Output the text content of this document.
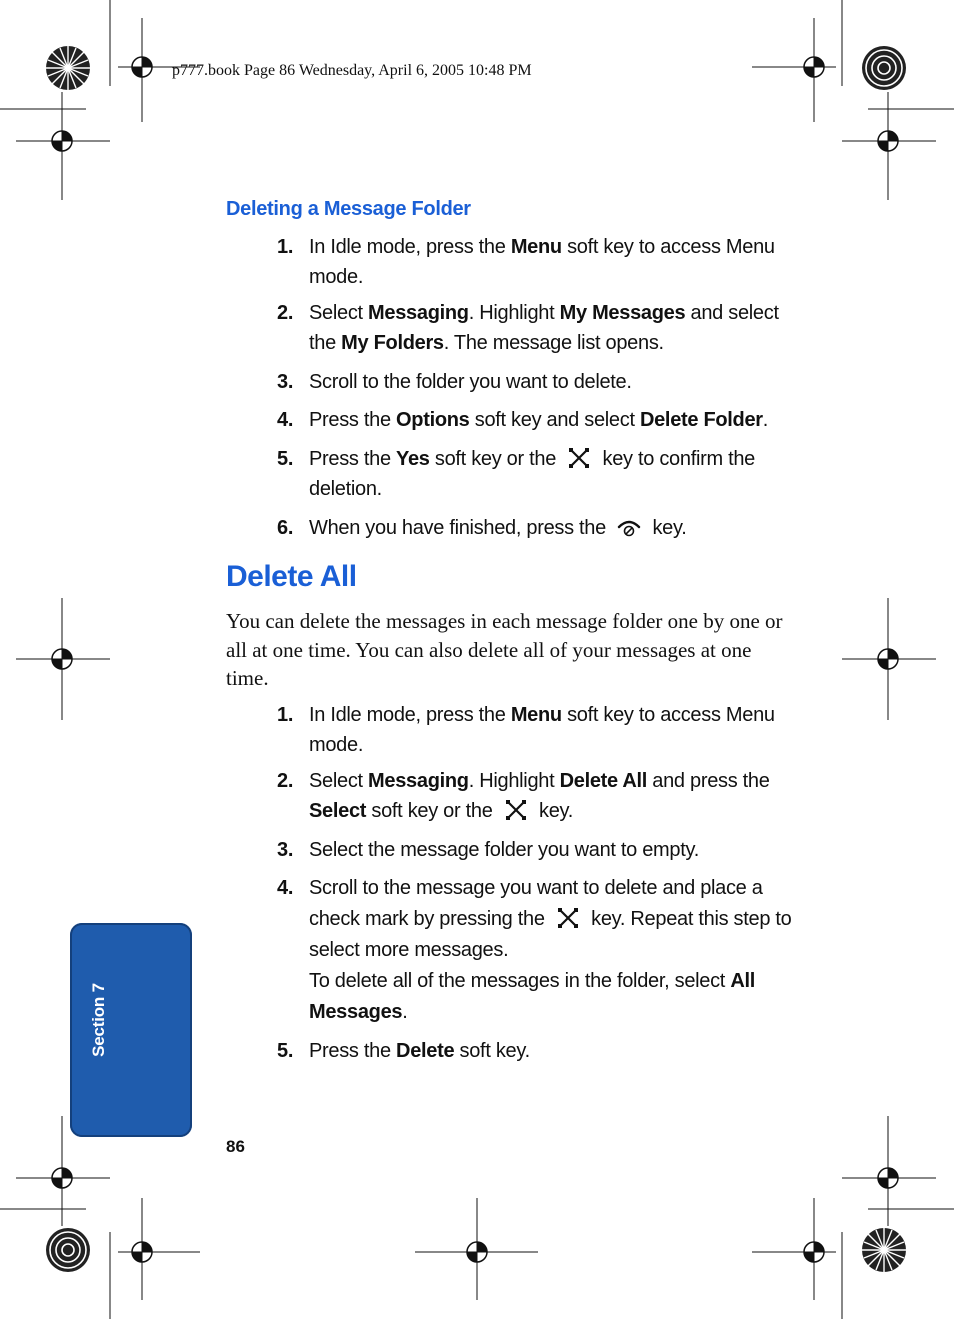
p777.book Page 86 Wednesday, April 6, 2005 10:48 PM
Deleting a Message Folder
1. In Idle mode, press the Menu soft key to access Menu mode.
2. Select Messaging. Highlight My Messages and select the My Folders. The message list opens.
3. Scroll to the folder you want to delete.
4. Press the Options soft key and select Delete Folder.
5. Press the Yes soft key or the  key to confirm the deletion.
6. When you have finished, press the  key.
Delete All
You can delete the messages in each message folder one by one or all at one time. You can also delete all of your messages at one time.
1. In Idle mode, press the Menu soft key to access Menu mode.
2. Select Messaging. Highlight Delete All and press the Select soft key or the  key.
3. Select the message folder you want to empty.
4. Scroll to the message you want to delete and place a check mark by pressing the  key. Repeat this step to select more messages.
To delete all of the messages in the folder, select All Messages.
5. Press the Delete soft key.
Section 7
86
